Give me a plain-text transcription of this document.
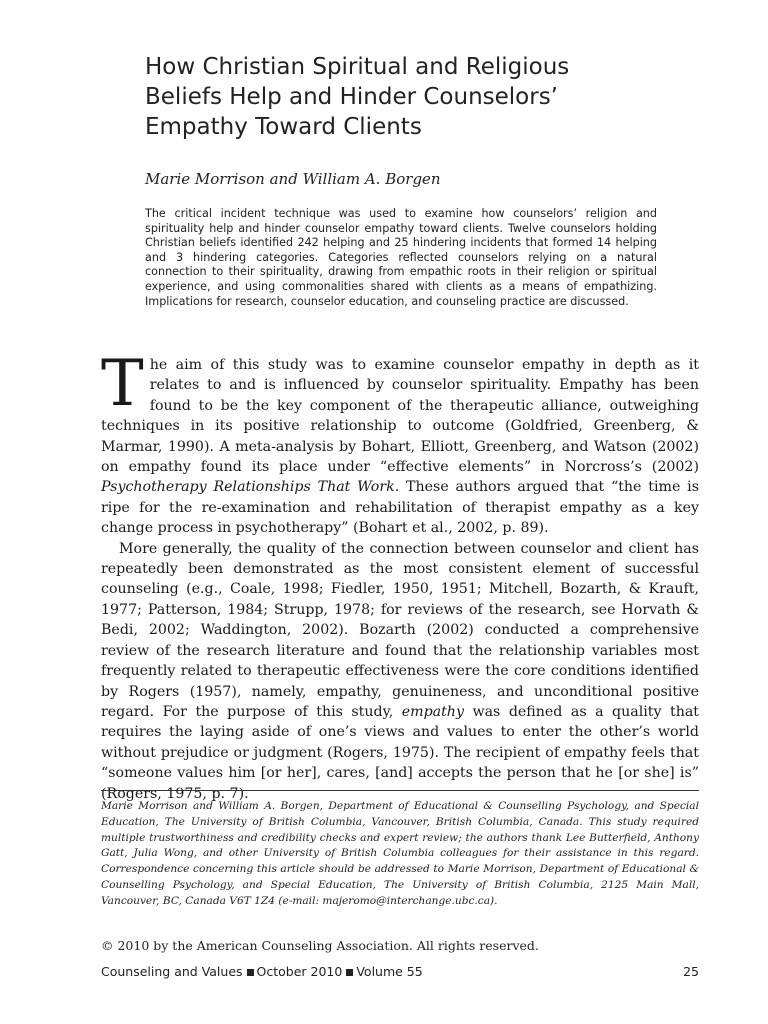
How Christian Spiritual and Religious
Beliefs Help and Hinder Counselors’
Empathy Toward Clients
Marie Morrison and William A. Borgen

The critical incident technique was used to examine how counselors’ religion and spirituality help and hinder counselor empathy toward clients. Twelve counselors holding Christian beliefs identified 242 helping and 25 hindering incidents that formed 14 helping and 3 hindering categories. Categories reflected counselors relying on a natural connection to their spirituality, drawing from empathic roots in their religion or spiritual experience, and using commonalities shared with clients as a means of empathizing. Implications for research, counselor education, and counseling practice are discussed.

The aim of this study was to examine counselor empathy in depth as it relates to and is influenced by counselor spirituality. Empathy has been found to be the key component of the therapeutic alliance, outweighing techniques in its positive relationship to outcome (Goldfried, Greenberg, & Marmar, 1990). A meta-analysis by Bohart, Elliott, Greenberg, and Watson (2002) on empathy found its place under “effective elements” in Norcross’s (2002) Psychotherapy Relationships That Work. These authors argued that “the time is ripe for the re-examination and rehabilitation of therapist empathy as a key change process in psychotherapy” (Bohart et al., 2002, p. 89).

More generally, the quality of the connection between counselor and client has repeatedly been demonstrated as the most consistent element of successful counseling (e.g., Coale, 1998; Fiedler, 1950, 1951; Mitchell, Bozarth, & Krauft, 1977; Patterson, 1984; Strupp, 1978; for reviews of the research, see Horvath & Bedi, 2002; Waddington, 2002). Bozarth (2002) conducted a comprehensive review of the research literature and found that the relationship variables most frequently related to therapeutic effectiveness were the core conditions identified by Rogers (1957), namely, empathy, genuineness, and unconditional positive regard. For the purpose of this study, empathy was defined as a quality that requires the laying aside of one’s views and values to enter the other’s world without prejudice or judgment (Rogers, 1975). The recipient of empathy feels that “someone values him [or her], cares, [and] accepts the person that he [or she] is” (Rogers, 1975, p. 7).

Marie Morrison and William A. Borgen, Department of Educational & Counselling Psychology, and Special Education, The University of British Columbia, Vancouver, British Columbia, Canada. This study required multiple trustworthiness and credibility checks and expert review; the authors thank Lee Butterfield, Anthony Gatt, Julia Wong, and other University of British Columbia colleagues for their assistance in this regard. Correspondence concerning this article should be addressed to Marie Morrison, Department of Educational & Counselling Psychology, and Special Education, The University of British Columbia, 2125 Main Mall, Vancouver, BC, Canada V6T 1Z4 (e-mail: majeromo@interchange.ubc.ca).

© 2010 by the American Counseling Association. All rights reserved.
Counseling and Values October 2010 Volume 55	25
